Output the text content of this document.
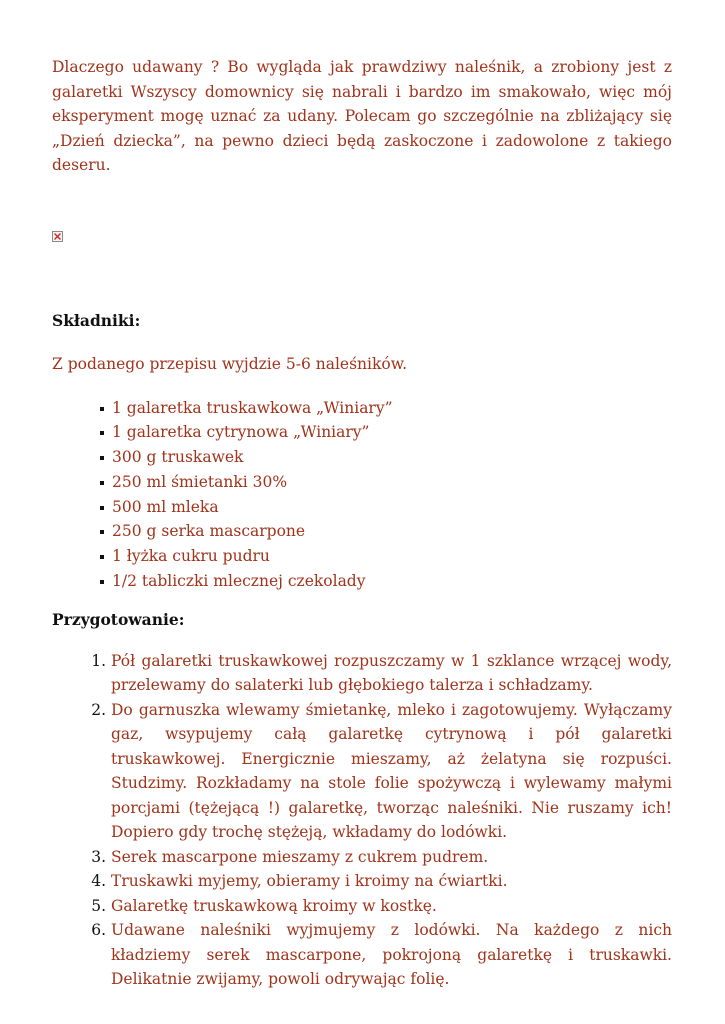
Dlaczego udawany ? Bo wygląda jak prawdziwy naleśnik, a zrobiony jest z galaretki Wszyscy domownicy się nabrali i bardzo im smakowało, więc mój eksperyment mogę uznać za udany. Polecam go szczególnie na zbliżający się „Dzień dziecka”, na pewno dzieci będą zaskoczone i zadowolone z takiego deseru.

Składniki:

Z podanego przepisu wyjdzie 5-6 naleśników.

1 galaretka truskawkowa „Winiary”
1 galaretka cytrynowa „Winiary”
300 g truskawek
250 ml śmietanki 30%
500 ml mleka
250 g serka mascarpone
1 łyżka cukru pudru
1/2 tabliczki mlecznej czekolady
Przygotowanie:
1. Pół galaretki truskawkowej rozpuszczamy w 1 szklance wrzącej wody, przelewamy do salaterki lub głębokiego talerza i schładzamy.
2. Do garnuszka wlewamy śmietankę, mleko i zagotowujemy. Wyłączamy gaz, wsypujemy całą galaretkę cytrynową i pół galaretki truskawkowej. Energicznie mieszamy, aż żelatyna się rozpuści. Studzimy. Rozkładamy na stole folie spożywczą i wylewamy małymi porcjami (tężejącą !) galaretkę, tworząc naleśniki. Nie ruszamy ich! Dopiero gdy trochę stężeją, wkładamy do lodówki.
3. Serek mascarpone mieszamy z cukrem pudrem.
4. Truskawki myjemy, obieramy i kroimy na ćwiartki.
5. Galaretkę truskawkową kroimy w kostkę.
6. Udawane naleśniki wyjmujemy z lodówki. Na każdego z nich kładziemy serek mascarpone, pokrojoną galaretkę i truskawki. Delikatnie zwijamy, powoli odrywając folię.
